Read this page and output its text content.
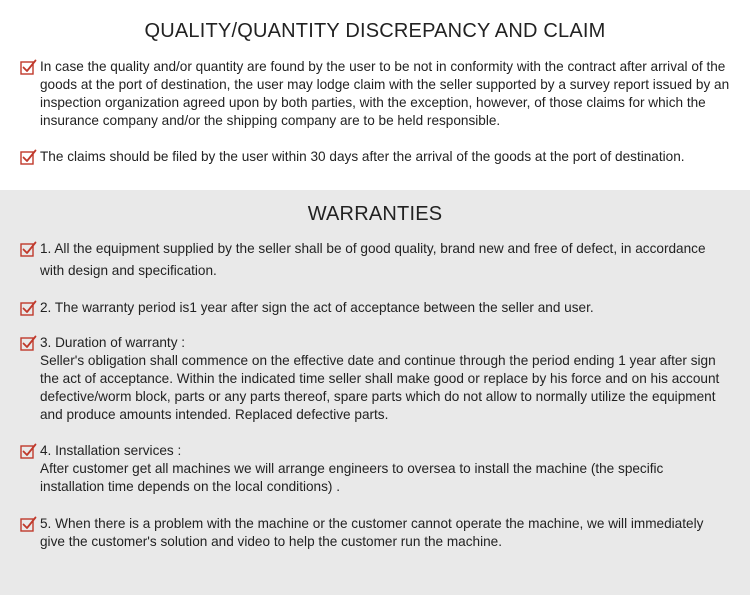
QUALITY/QUANTITY DISCREPANCY AND CLAIM
In case the quality and/or quantity are found by the user to be not in conformity with the contract after arrival of the goods at the port of destination, the user may lodge claim with the seller supported by a survey report issued by an inspection organization agreed upon by both parties, with the exception, however, of those claims for which the insurance company and/or the shipping company are to be held responsible.
The claims should be filed by the user within 30 days after the arrival of the goods at the port of destination.
WARRANTIES
1. All the equipment supplied by the seller shall be of good quality, brand new and free of defect, in accordance
with design and specification.
2. The warranty period is1 year after sign the act of acceptance between the seller and user.
3. Duration of warranty :
Seller's obligation shall commence on the effective date and continue through the period ending 1 year after sign the act of acceptance. Within the indicated time seller shall make good or replace by his force and on his account defective/worm block, parts or any parts thereof, spare parts which do not allow to normally utilize the equipment and produce amounts intended. Replaced defective parts.
4. Installation services :
After customer get all machines we will arrange engineers to oversea to install the machine (the specific installation time depends on the local conditions) .
5. When there is a problem with the machine or the customer cannot operate the machine, we will immediately give the customer's solution and video to help the customer run the machine.
